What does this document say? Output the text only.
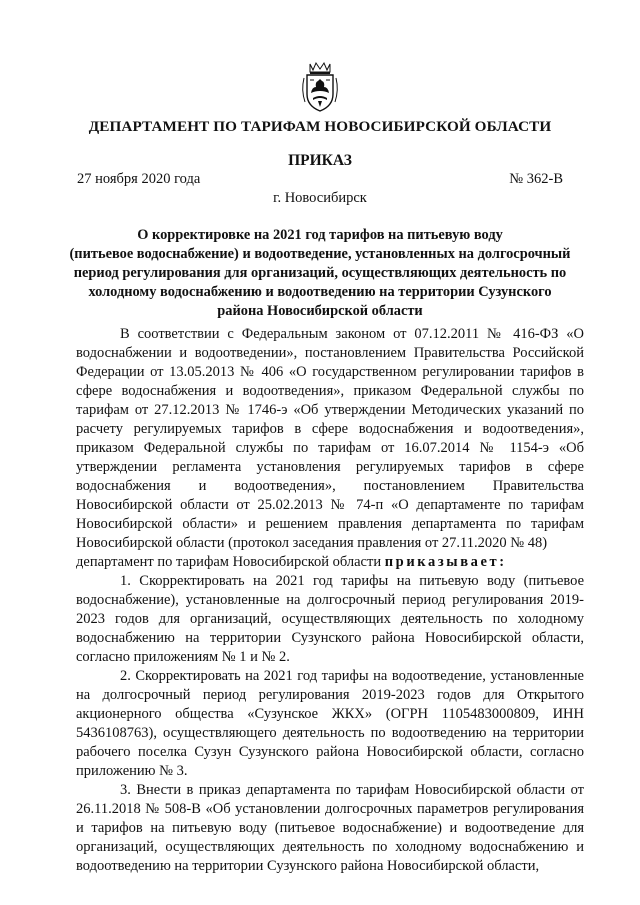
ДЕПАРТАМЕНТ ПО ТАРИФАМ НОВОСИБИРСКОЙ ОБЛАСТИ
ПРИКАЗ
27 ноября 2020 года	№ 362-В
г. Новосибирск
О корректировке на 2021 год тарифов на питьевую воду
(питьевое водоснабжение) и водоотведение, установленных на долгосрочный
период регулирования для организаций, осуществляющих деятельность по
холодному водоснабжению и водоотведению на территории Сузунского
района Новосибирской области

В соответствии с Федеральным законом от 07.12.2011 № 416-ФЗ «О водоснабжении и водоотведении», постановлением Правительства Российской Федерации от 13.05.2013 № 406 «О государственном регулировании тарифов в сфере водоснабжения и водоотведения», приказом Федеральной службы по тарифам от 27.12.2013 № 1746-э «Об утверждении Методических указаний по расчету регулируемых тарифов в сфере водоснабжения и водоотведения», приказом Федеральной службы по тарифам от 16.07.2014 № 1154-э «Об утверждении регламента установления регулируемых тарифов в сфере водоснабжения и водоотведения», постановлением Правительства Новосибирской области от 25.02.2013 № 74-п «О департаменте по тарифам Новосибирской области» и решением правления департамента по тарифам Новосибирской области (протокол заседания правления от 27.11.2020 № 48)

департамент по тарифам Новосибирской области приказывает:

1. Скорректировать на 2021 год тарифы на питьевую воду (питьевое водоснабжение), установленные на долгосрочный период регулирования 2019-2023 годов для организаций, осуществляющих деятельность по холодному водоснабжению на территории Сузунского района Новосибирской области, согласно приложениям № 1 и № 2.

2. Скорректировать на 2021 год тарифы на водоотведение, установленные на долгосрочный период регулирования 2019-2023 годов для Открытого акционерного общества «Сузунское ЖКХ» (ОГРН 1105483000809, ИНН 5436108763), осуществляющего деятельность по водоотведению на территории рабочего поселка Сузун Сузунского района Новосибирской области, согласно приложению № 3.

3. Внести в приказ департамента по тарифам Новосибирской области от 26.11.2018 № 508-В «Об установлении долгосрочных параметров регулирования и тарифов на питьевую воду (питьевое водоснабжение) и водоотведение для организаций, осуществляющих деятельность по холодному водоснабжению и водоотведению на территории Сузунского района Новосибирской области,
